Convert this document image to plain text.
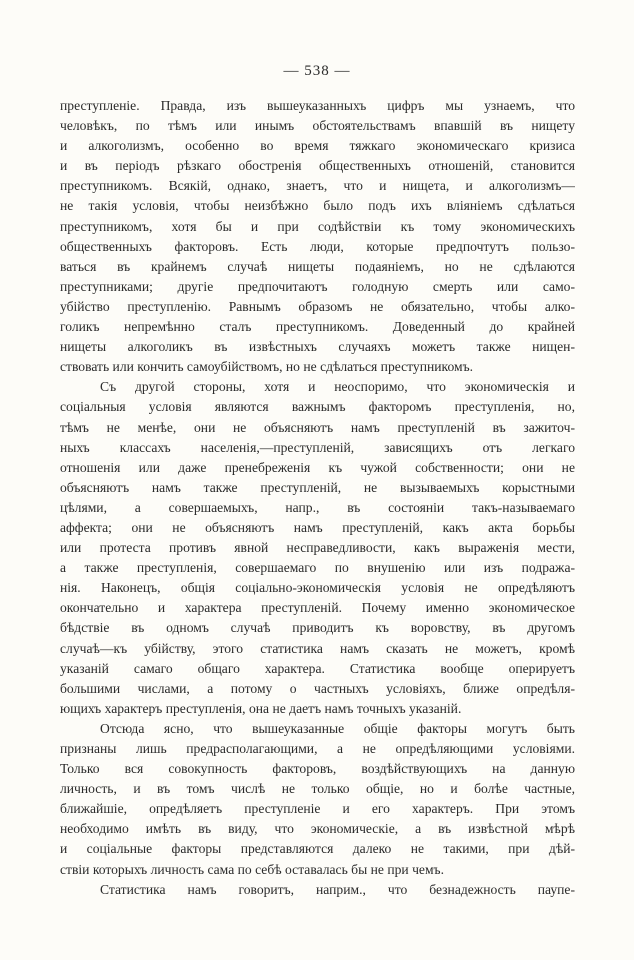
— 538 —
преступленіе. Правда, изъ вышеуказанныхъ цифръ мы узнаемъ, что
человѣкъ, по тѣмъ или инымъ обстоятельствамъ впавшій въ нищету
и алкоголизмъ, особенно во время тяжкаго экономическаго кризиса
и въ періодъ рѣзкаго обостренія общественныхъ отношеній, становится
преступникомъ. Всякій, однако, знаетъ, что и нищета, и алкоголизмъ—
не такія условія, чтобы неизбѣжно было подъ ихъ вліяніемъ сдѣлаться
преступникомъ, хотя бы и при содѣйствіи къ тому экономическихъ
общественныхъ факторовъ. Есть люди, которые предпочтутъ пользо-
ваться въ крайнемъ случаѣ нищеты подаяніемъ, но не сдѣлаются
преступниками; другіе предпочитаютъ голодную смерть или само-
убійство преступленію. Равнымъ образомъ не обязательно, чтобы алко-
голикъ непремѣнно сталъ преступникомъ. Доведенный до крайней
нищеты алкоголикъ въ извѣстныхъ случаяхъ можетъ также нищен-
ствовать или кончить самоубійствомъ, но не сдѣлаться преступникомъ.
Съ другой стороны, хотя и неоспоримо, что экономическія и
соціальныя условія являются важнымъ факторомъ преступленія, но,
тѣмъ не менѣе, они не объясняютъ намъ преступленій въ зажиточ-
ныхъ классахъ населенія,—преступленій, зависящихъ отъ легкаго
отношенія или даже пренебреженія къ чужой собственности; они не
объясняютъ намъ также преступленій, не вызываемыхъ корыстными
цѣлями, а совершаемыхъ, напр., въ состояніи такъ-называемаго
аффекта; они не объясняютъ намъ преступленій, какъ акта борьбы
или протеста противъ явной несправедливости, какъ выраженія мести,
а также преступленія, совершаемаго по внушенію или изъ подража-
нія. Наконецъ, общія соціально-экономическія условія не опредѣляютъ
окончательно и характера преступленій. Почему именно экономическое
бѣдствіе въ одномъ случаѣ приводитъ къ воровству, въ другомъ
случаѣ—къ убійству, этого статистика намъ сказать не можетъ, кромѣ
указаній самаго общаго характера. Статистика вообще оперируетъ
большими числами, а потому о частныхъ условіяхъ, ближе опредѣля-
ющихъ характеръ преступленія, она не даетъ намъ точныхъ указаній.
Отсюда ясно, что вышеуказанные общіе факторы могутъ быть
признаны лишь предрасполагающими, а не опредѣляющими условіями.
Только вся совокупность факторовъ, воздѣйствующихъ на данную
личность, и въ томъ числѣ не только общіе, но и болѣе частные,
ближайшіе, опредѣляетъ преступленіе и его характеръ. При этомъ
необходимо имѣть въ виду, что экономическіе, а въ извѣстной мѣрѣ
и соціальные факторы представляются далеко не такими, при дѣй-
ствіи которыхъ личность сама по себѣ оставалась бы не при чемъ.
Статистика намъ говоритъ, наприм., что безнадежность паупе-
